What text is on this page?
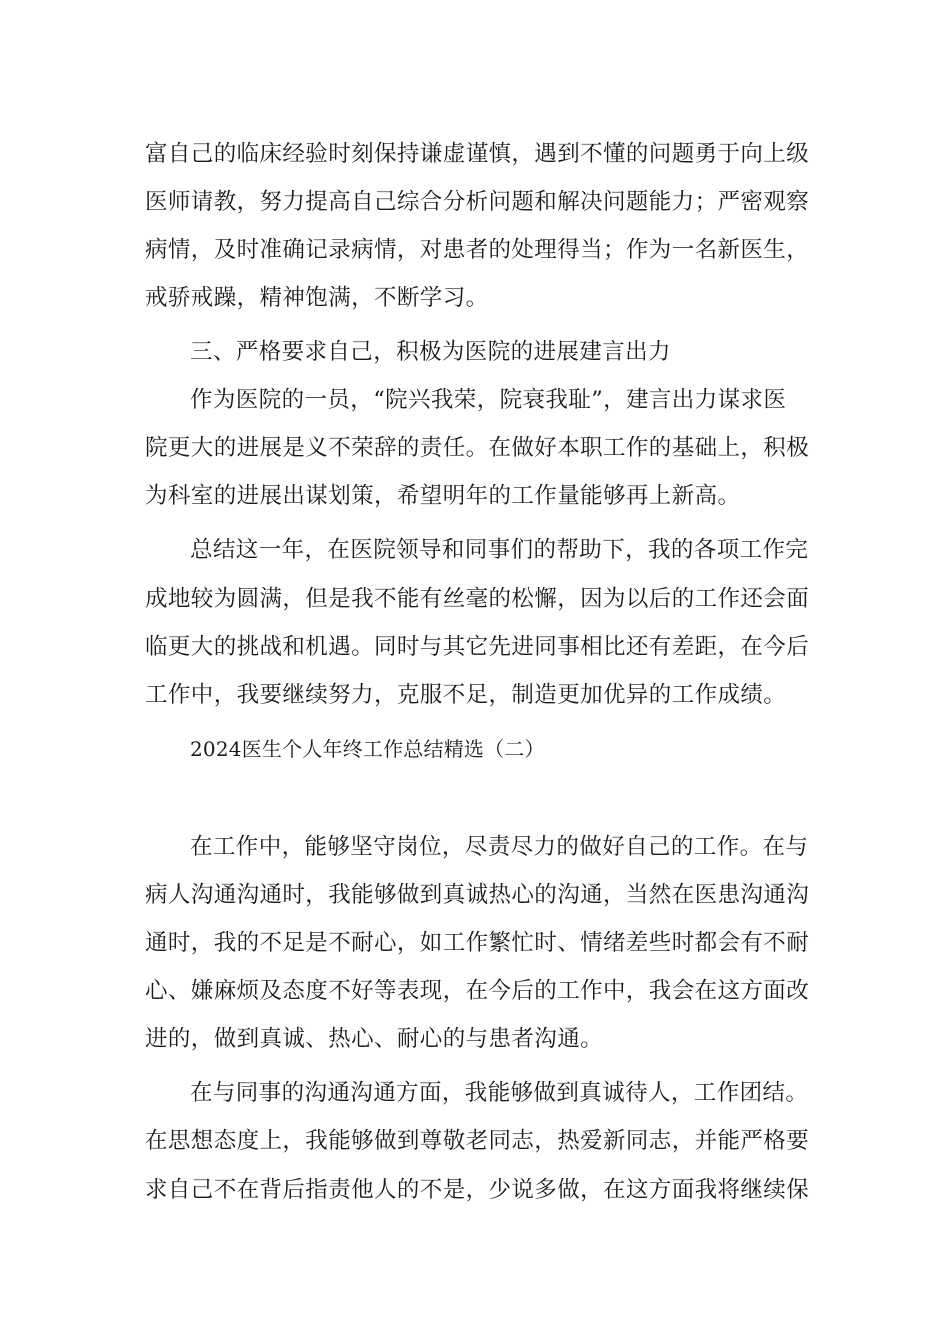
富自己的临床经验时刻保持谦虚谨慎，遇到不懂的问题勇于向上级
医师请教，努力提高自己综合分析问题和解决问题能力；严密观察
病情，及时准确记录病情，对患者的处理得当；作为一名新医生，
戒骄戒躁，精神饱满，不断学习。
三、严格要求自己，积极为医院的进展建言出力
作为医院的一员，“院兴我荣，院衰我耻”，建言出力谋求医
院更大的进展是义不荣辞的责任。在做好本职工作的基础上，积极
为科室的进展出谋划策，希望明年的工作量能够再上新高。
总结这一年，在医院领导和同事们的帮助下，我的各项工作完
成地较为圆满，但是我不能有丝毫的松懈，因为以后的工作还会面
临更大的挑战和机遇。同时与其它先进同事相比还有差距，在今后
工作中，我要继续努力，克服不足，制造更加优异的工作成绩。
2024医生个人年终工作总结精选（二）
在工作中，能够坚守岗位，尽责尽力的做好自己的工作。在与
病人沟通沟通时，我能够做到真诚热心的沟通，当然在医患沟通沟
通时，我的不足是不耐心，如工作繁忙时、情绪差些时都会有不耐
心、嫌麻烦及态度不好等表现，在今后的工作中，我会在这方面改
进的，做到真诚、热心、耐心的与患者沟通。
在与同事的沟通沟通方面，我能够做到真诚待人，工作团结。
在思想态度上，我能够做到尊敬老同志，热爱新同志，并能严格要
求自己不在背后指责他人的不是，少说多做，在这方面我将继续保
